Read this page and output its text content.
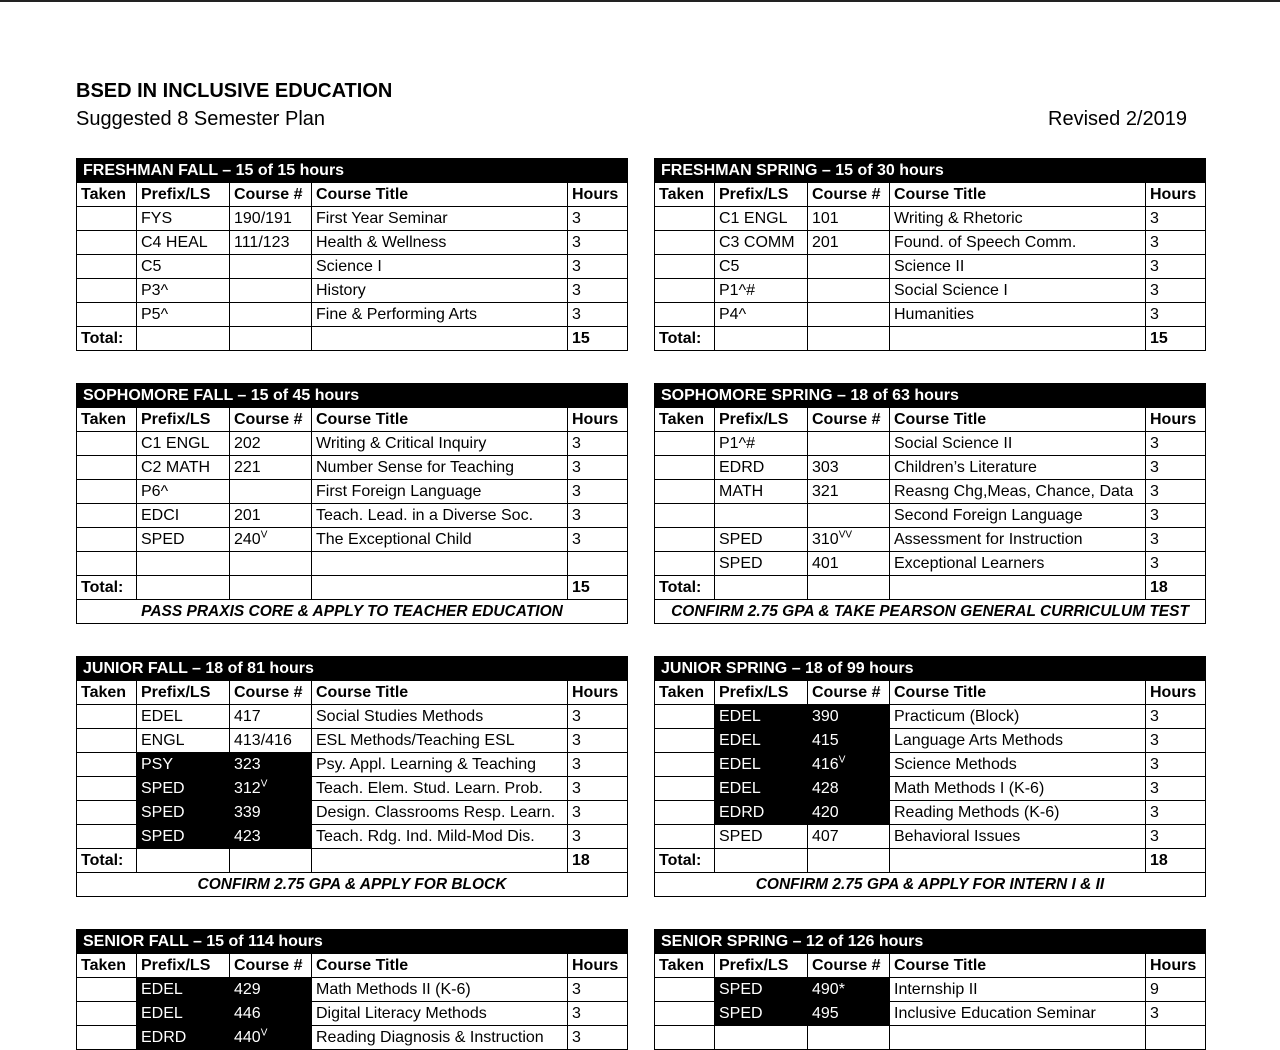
BSED IN INCLUSIVE EDUCATION
Suggested 8 Semester Plan	Revised 2/2019
FRESHMAN FALL – 15 of 15 hours				
Taken	Prefix/LS	Course #	Course Title	Hours
	FYS	190/191	First Year Seminar	3
	C4 HEAL	111/123	Health & Wellness	3
	C5		Science I	3
	P3^		History	3
	P5^		Fine & Performing Arts	3
Total:				15
FRESHMAN SPRING – 15 of 30 hours				
Taken	Prefix/LS	Course #	Course Title	Hours
	C1 ENGL	101	Writing & Rhetoric	3
	C3 COMM	201	Found. of Speech Comm.	3
	C5		Science II	3
	P1^#		Social Science I	3
	P4^		Humanities	3
Total:				15
SOPHOMORE FALL – 15 of 45 hours				
Taken	Prefix/LS	Course #	Course Title	Hours
	C1 ENGL	202	Writing & Critical Inquiry	3
	C2 MATH	221	Number Sense for Teaching	3
	P6^		First Foreign Language	3
	EDCI	201	Teach. Lead. in a Diverse Soc.	3
	SPED	$240^V$	The Exceptional Child	3

Total:				15
PASS PRAXIS CORE & APPLY TO TEACHER EDUCATION				
SOPHOMORE SPRING – 18 of 63 hours				
Taken	Prefix/LS	Course #	Course Title	Hours
	P1^#		Social Science II	3
	EDRD	303	Children’s Literature	3
	MATH	321	Reasng Chg,Meas, Chance, Data	3
			Second Foreign Language	3
	SPED	$310^{VV}$	Assessment for Instruction	3
	SPED	401	Exceptional Learners	3
Total:				18
CONFIRM 2.75 GPA & TAKE PEARSON GENERAL CURRICULUM TEST				
JUNIOR FALL – 18 of 81 hours				
Taken	Prefix/LS	Course #	Course Title	Hours
	EDEL	417	Social Studies Methods	3
	ENGL	413/416	ESL Methods/Teaching ESL	3
	PSY	323	Psy. Appl. Learning & Teaching	3
	SPED	$312^V$	Teach. Elem. Stud. Learn. Prob.	3
	SPED	339	Design. Classrooms Resp. Learn.	3
	SPED	423	Teach. Rdg. Ind. Mild-Mod Dis.	3
Total:				18
CONFIRM 2.75 GPA & APPLY FOR BLOCK				
JUNIOR SPRING – 18 of 99 hours				
Taken	Prefix/LS	Course #	Course Title	Hours
	EDEL	390	Practicum (Block)	3
	EDEL	415	Language Arts Methods	3
	EDEL	$416^V$	Science Methods	3
	EDEL	428	Math Methods I (K-6)	3
	EDRD	420	Reading Methods (K-6)	3
	SPED	407	Behavioral Issues	3
Total:				18
CONFIRM 2.75 GPA & APPLY FOR INTERN I & II				
SENIOR FALL – 15 of 114 hours				
Taken	Prefix/LS	Course #	Course Title	Hours
	EDEL	429	Math Methods II (K-6)	3
	EDEL	446	Digital Literacy Methods	3
	EDRD	$440^V$	Reading Diagnosis & Instruction	3
SENIOR SPRING – 12 of 126 hours				
Taken	Prefix/LS	Course #	Course Title	Hours
	SPED	490*	Internship II	9
	SPED	495	Inclusive Education Seminar	3
